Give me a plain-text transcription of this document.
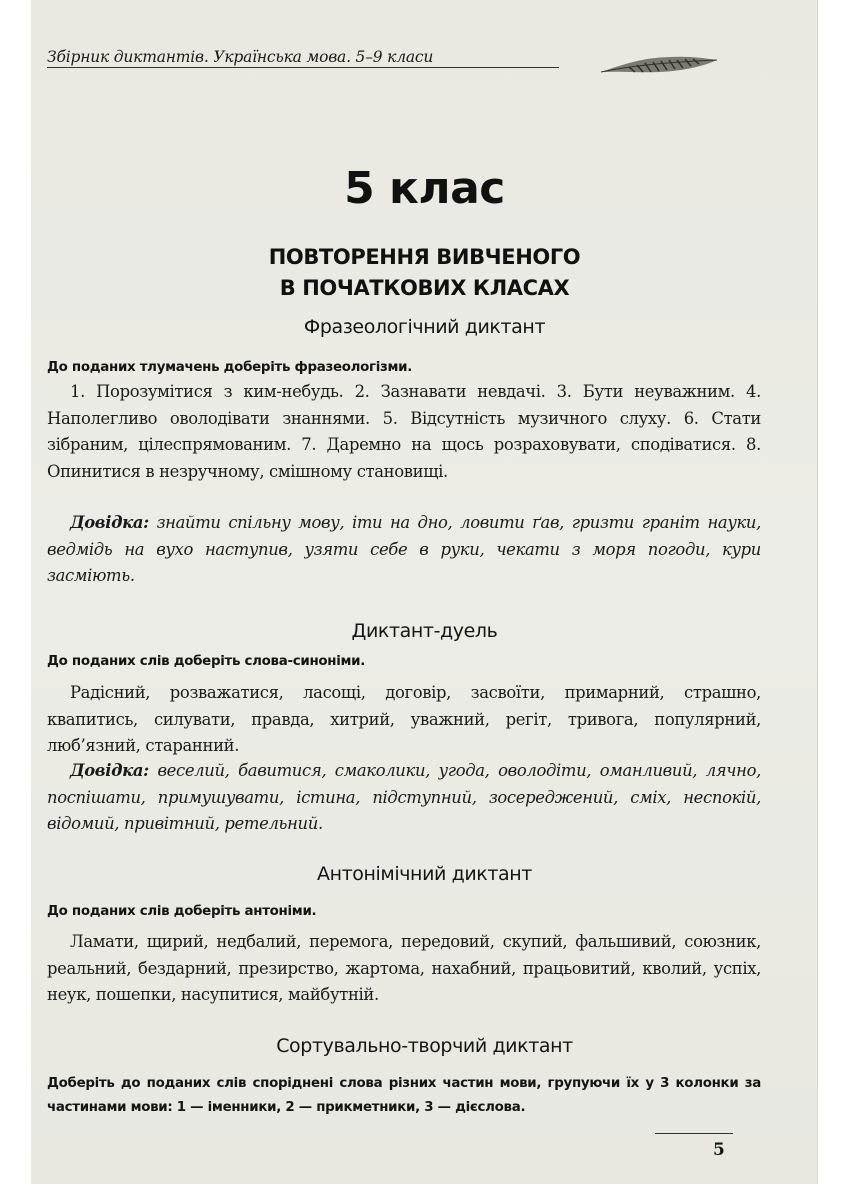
Збірник диктантів. Українська мова. 5–9 класи
5 клас
ПОВТОРЕННЯ ВИВЧЕНОГО
В ПОЧАТКОВИХ КЛАСАХ
Фразеологічний диктант
До поданих тлумачень доберіть фразеологізми.
1. Порозумітися з ким-небудь. 2. Зазнавати невдачі. 3. Бути неуважним. 4. Наполегливо оволодівати знаннями. 5. Відсутність музичного слуху. 6. Стати зібраним, цілеспрямованим. 7. Даремно на щось розраховувати, сподіватися. 8. Опинитися в незручному, смішному становищі.
Довідка: знайти спільну мову, іти на дно, ловити ґав, гризти граніт науки, ведмідь на вухо наступив, узяти себе в руки, чекати з моря погоди, кури засміють.
Диктант-дуель
До поданих слів доберіть слова-синоніми.
Радісний, розважатися, ласощі, договір, засвоїти, примарний, страшно, квапитись, силувати, правда, хитрий, уважний, регіт, тривога, популярний, люб’язний, старанний.
Довідка: веселий, бавитися, смаколики, угода, оволодіти, оманливий, лячно, поспішати, примушувати, істина, підступний, зосереджений, сміх, неспокій, відомий, привітний, ретельний.
Антонімічний диктант
До поданих слів доберіть антоніми.
Ламати, щирий, недбалий, перемога, передовий, скупий, фальшивий, союзник, реальний, бездарний, презирство, жартома, нахабний, працьовитий, кволий, успіх, неук, пошепки, насупитися, майбутній.
Сортувально-творчий диктант
Доберіть до поданих слів споріднені слова різних частин мови, групуючи їх у 3 колонки за частинами мови: 1 — іменники, 2 — прикметники, 3 — дієслова.
5
